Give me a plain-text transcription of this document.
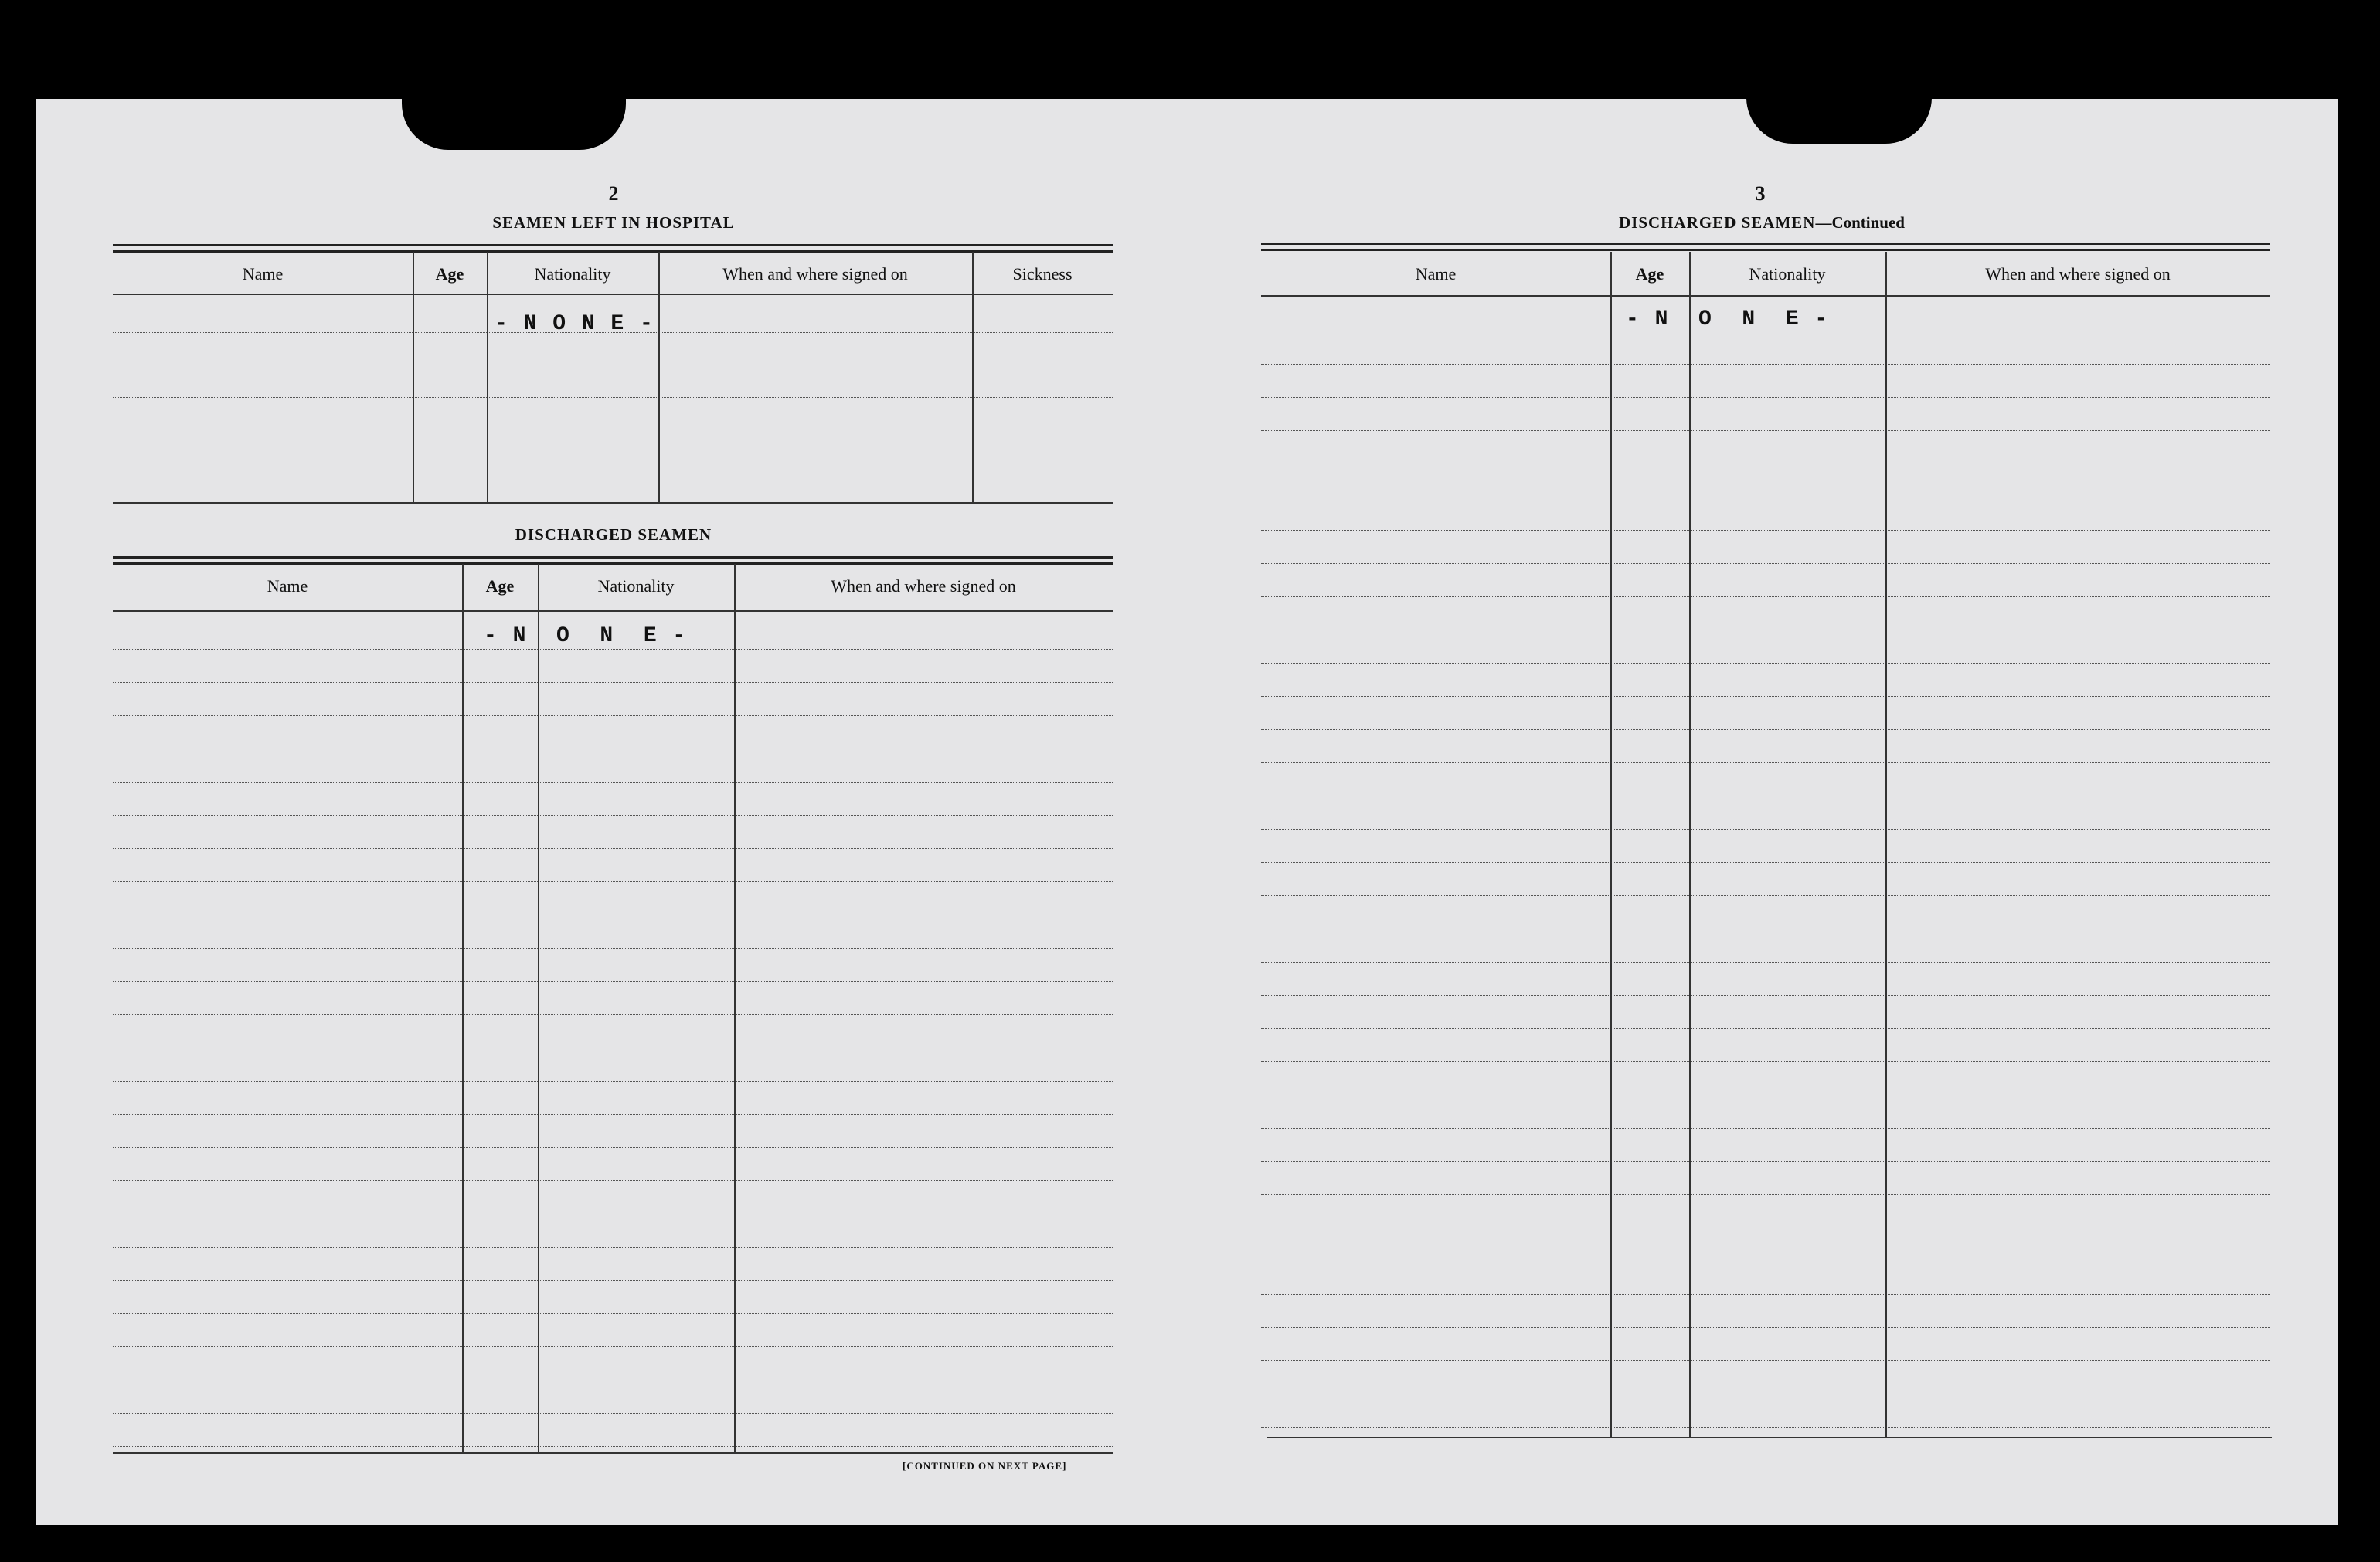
2
SEAMEN LEFT IN HOSPITAL
Name	Age	Nationality	When and where signed on	Sickness
- N O N E -
DISCHARGED SEAMEN
Name	Age	Nationality	When and where signed on
- N  O  N  E -
[CONTINUED ON NEXT PAGE]
3
DISCHARGED SEAMEN—Continued
Name	Age	Nationality	When and where signed on
- N  O  N  E -
